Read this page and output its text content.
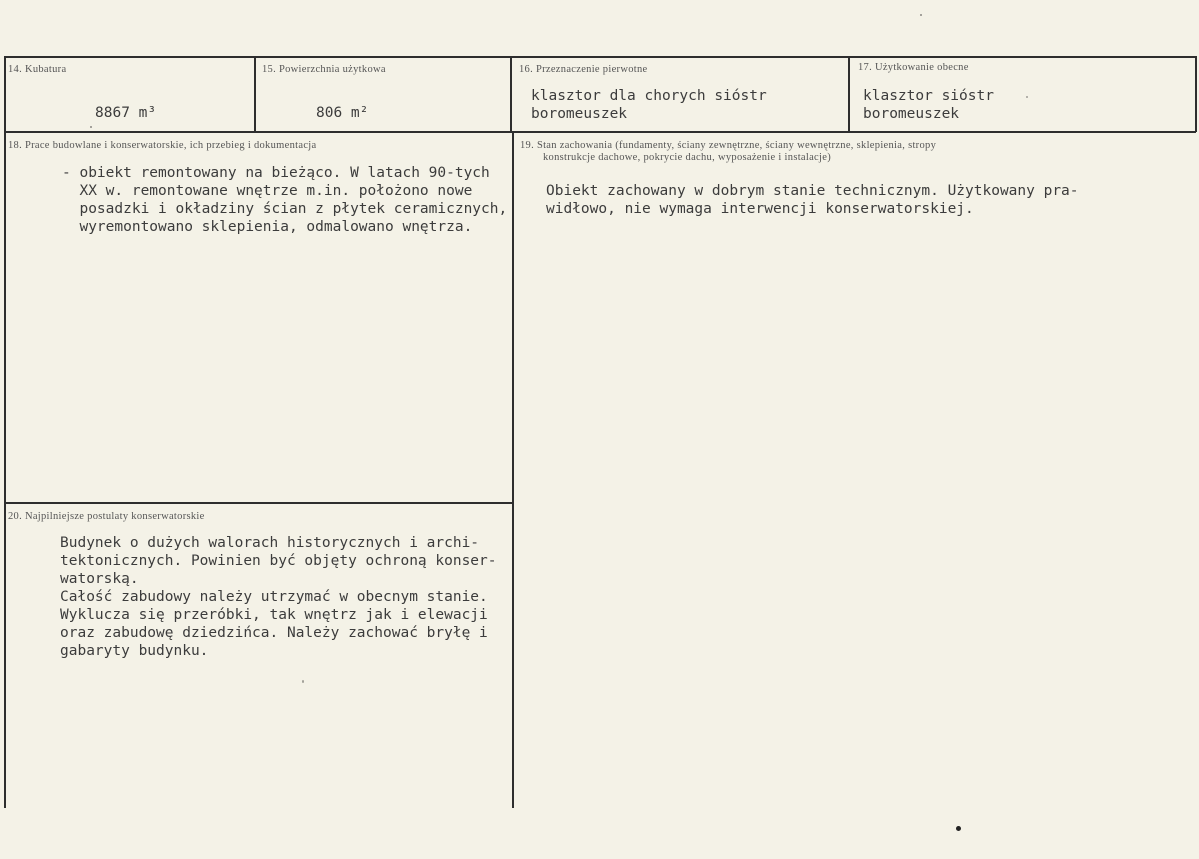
14. Kubatura
8867 m³
15. Powierzchnia użytkowa
806 m²
16. Przeznaczenie pierwotne
klasztor dla chorych siόstr
boromeuszek
17. Użytkowanie obecne
klasztor siόstr
boromeuszek
18. Prace budowlane i konserwatorskie, ich przebieg i dokumentacja
- obiekt remontowany na bieżąco. W latach 90-tych
XX w. remontowane wnętrze m.in. położono nowe
posadzki i okładziny ścian z płytek ceramicznych,
wyremontowano sklepienia, odmalowano wnętrza.
19. Stan zachowania (fundamenty, ściany zewnętrzne, ściany wewnętrzne, sklepienia, stropy
konstrukcje dachowe, pokrycie dachu, wyposażenie i instalacje)
Obiekt zachowany w dobrym stanie technicznym. Użytkowany pra-
widłowo, nie wymaga interwencji konserwatorskiej.
20. Najpilniejsze postulaty konserwatorskie
Budynek o dużych walorach historycznych i archi-
tektonicznych. Powinien być objęty ochroną konser-
watorską.
Całość zabudowy należy utrzymać w obecnym stanie.
Wyklucza się przeróbki, tak wnętrz jak i elewacji
oraz zabudowę dziedzińca. Należy zachować bryłę i
gabaryty budynku.
